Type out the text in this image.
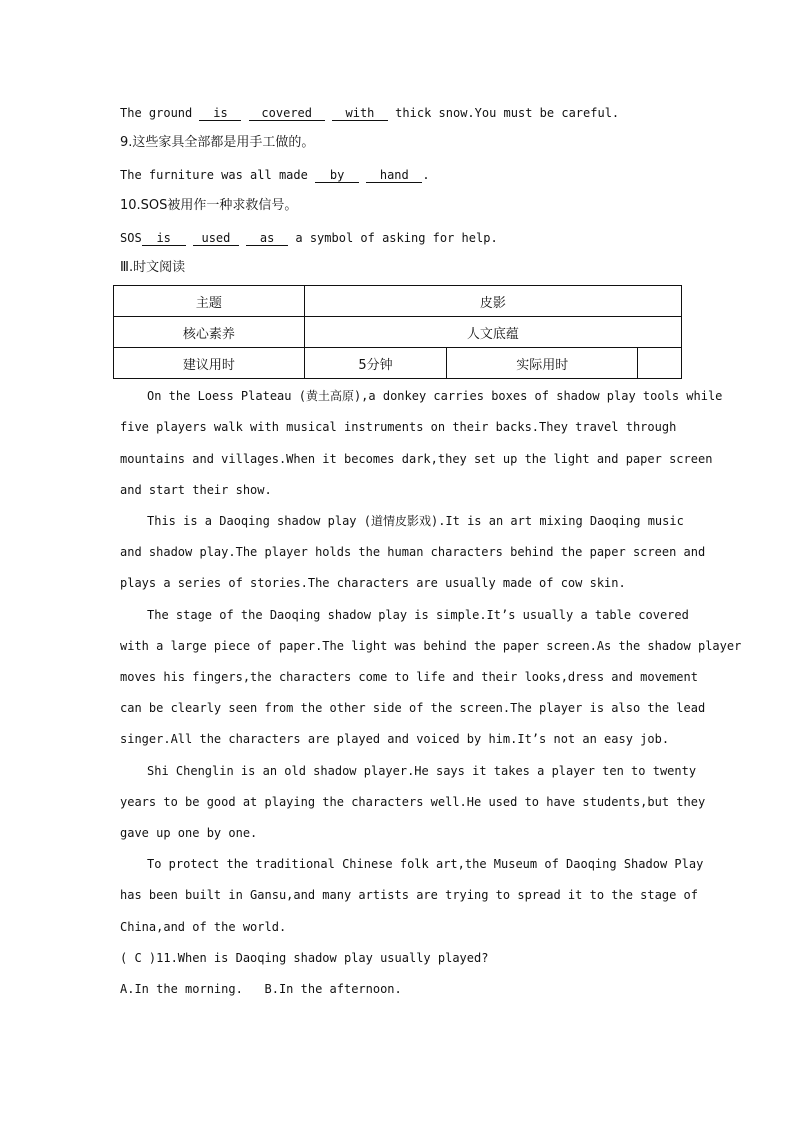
The ground is	covered	with thick snow.You must be careful.
9.这些家具全部都是用手工做的。
The furniture was all made by	hand .
10.SOS被用作一种求救信号。
SOS is	used as a symbol of asking for help.
Ⅲ.时文阅读
主题	皮影		
核心素养	人文底蕴		
建议用时	5分钟	实际用时	
On the Loess Plateau (黄土高原),a donkey carries boxes of shadow play tools while
five players walk with musical instruments on their backs.They travel through
mountains and villages.When it becomes dark,they set up the light and paper screen
and start their show.
This is a Daoqing shadow play (道情皮影戏).It is an art mixing Daoqing music
and shadow play.The player holds the human characters behind the paper screen and
plays a series of stories.The characters are usually made of cow skin.
The stage of the Daoqing shadow play is simple.It’s usually a table covered
with a large piece of paper.The light was behind the paper screen.As the shadow player
moves his fingers,the characters come to life and their looks,dress and movement
can be clearly seen from the other side of the screen.The player is also the lead
singer.All the characters are played and voiced by him.It’s not an easy job.
Shi Chenglin is an old shadow player.He says it takes a player ten to twenty
years to be good at playing the characters well.He used to have students,but they
gave up one by one.
To protect the traditional Chinese folk art,the Museum of Daoqing Shadow Play
has been built in Gansu,and many artists are trying to spread it to the stage of
China,and of the world.
( C )11.When is Daoqing shadow play usually played?
A.In the morning.   B.In the afternoon.
